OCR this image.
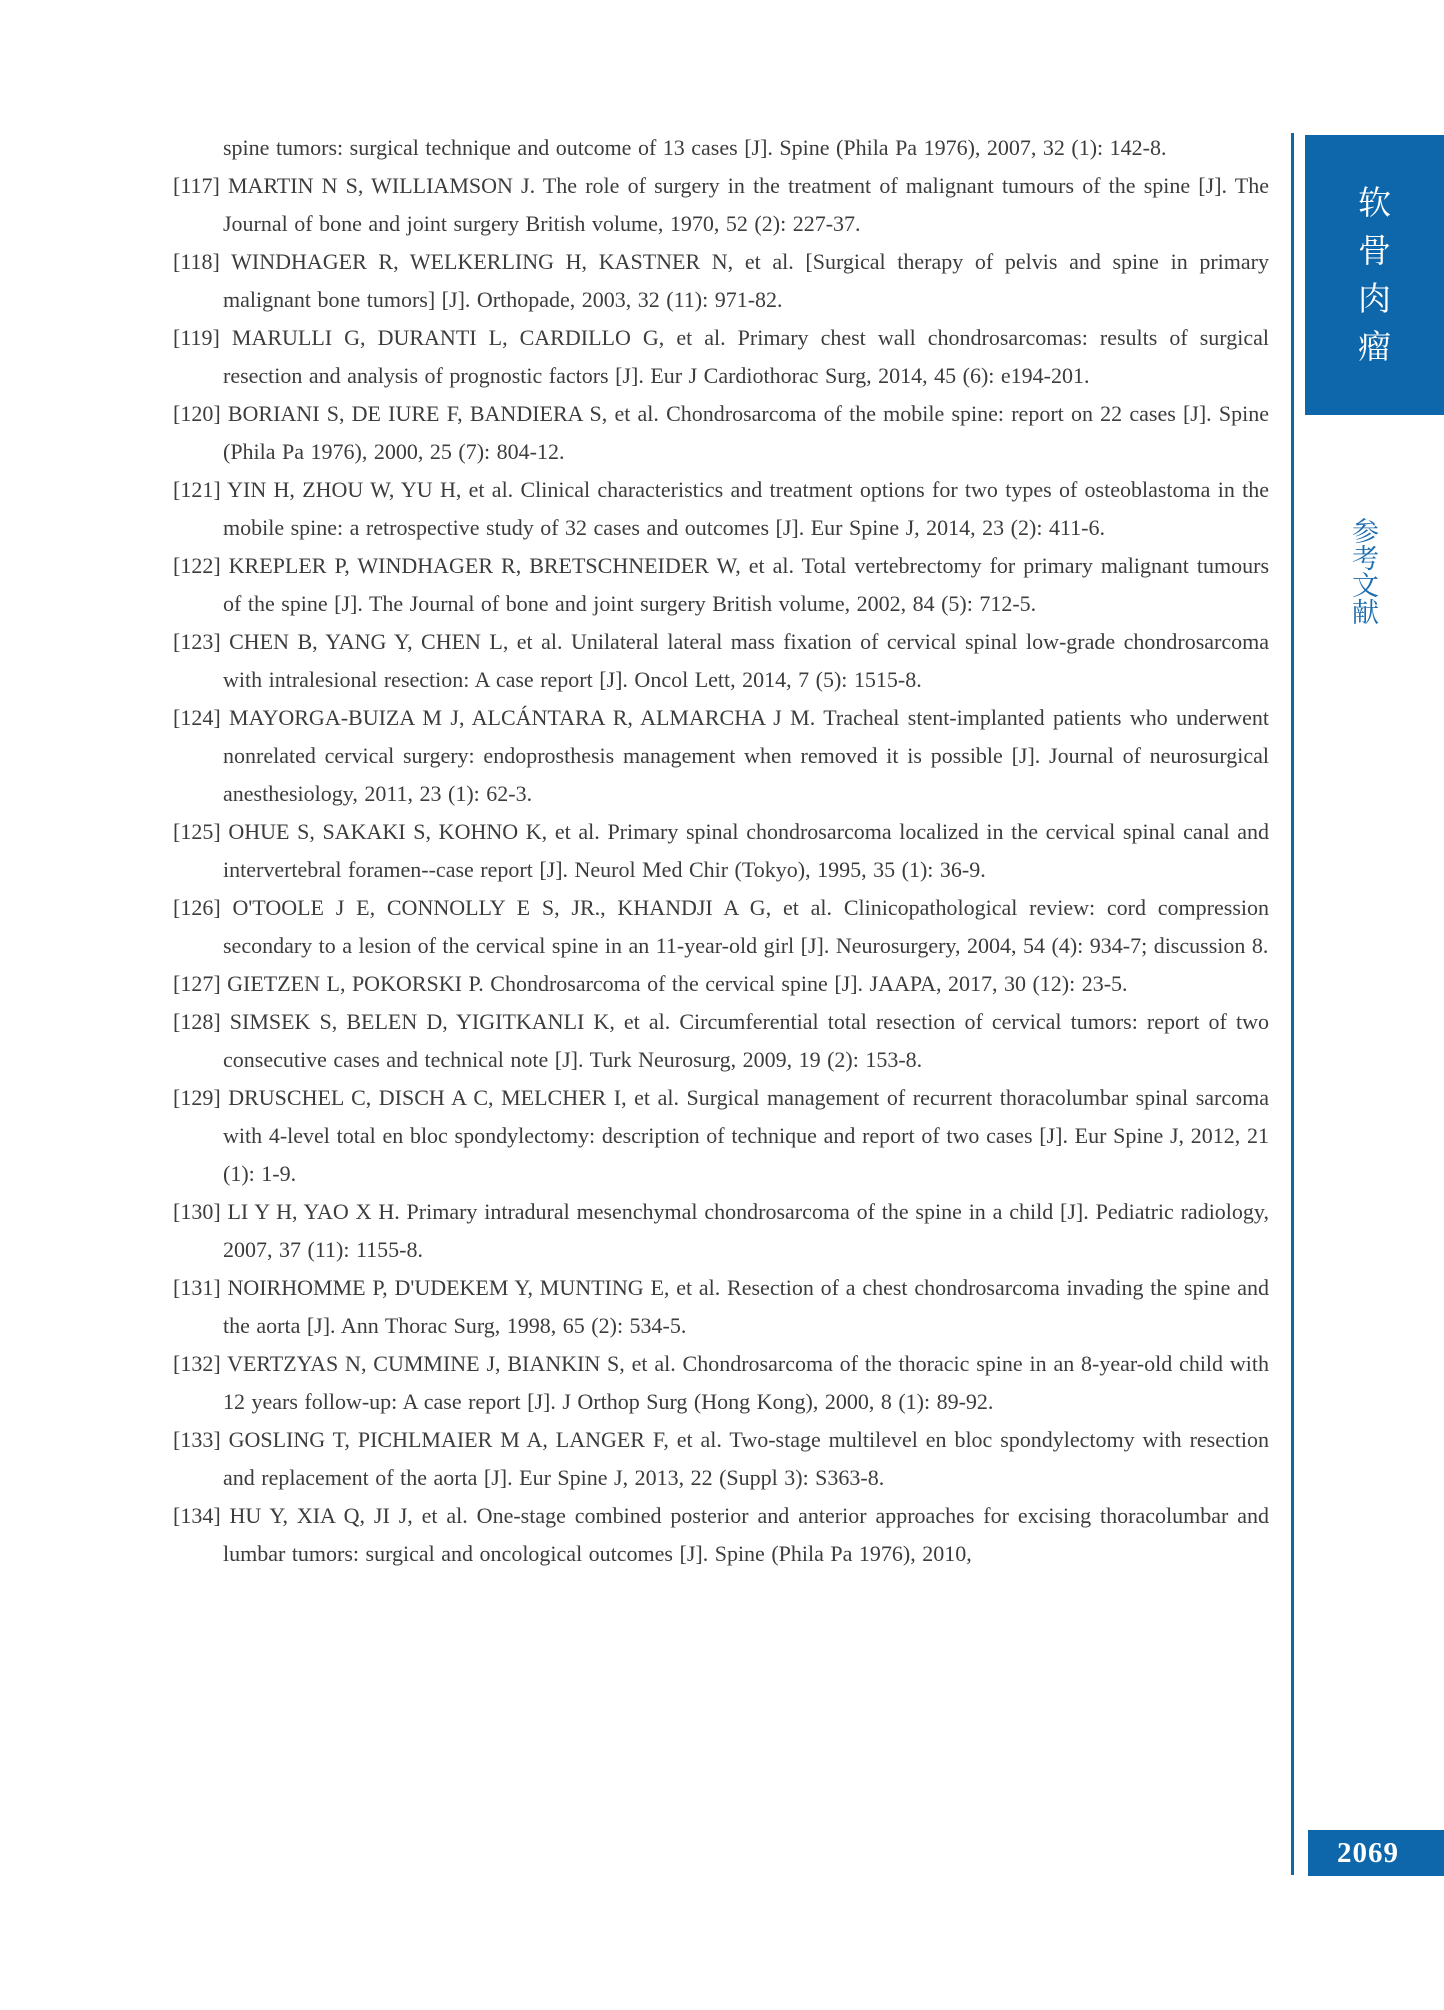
spine tumors: surgical technique and outcome of 13 cases [J]. Spine (Phila Pa 1976), 2007, 32 (1): 142-8.
[117] MARTIN N S, WILLIAMSON J. The role of surgery in the treatment of malignant tumours of the spine [J]. The Journal of bone and joint surgery British volume, 1970, 52 (2): 227-37.
[118] WINDHAGER R, WELKERLING H, KASTNER N, et al. [Surgical therapy of pelvis and spine in primary malignant bone tumors] [J]. Orthopade, 2003, 32 (11): 971-82.
[119] MARULLI G, DURANTI L, CARDILLO G, et al. Primary chest wall chondrosarcomas: results of surgical resection and analysis of prognostic factors [J]. Eur J Cardiothorac Surg, 2014, 45 (6): e194-201.
[120] BORIANI S, DE IURE F, BANDIERA S, et al. Chondrosarcoma of the mobile spine: report on 22 cases [J]. Spine (Phila Pa 1976), 2000, 25 (7): 804-12.
[121] YIN H, ZHOU W, YU H, et al. Clinical characteristics and treatment options for two types of osteoblastoma in the mobile spine: a retrospective study of 32 cases and outcomes [J]. Eur Spine J, 2014, 23 (2): 411-6.
[122] KREPLER P, WINDHAGER R, BRETSCHNEIDER W, et al. Total vertebrectomy for primary malignant tumours of the spine [J]. The Journal of bone and joint surgery British volume, 2002, 84 (5): 712-5.
[123] CHEN B, YANG Y, CHEN L, et al. Unilateral lateral mass fixation of cervical spinal low-grade chondrosarcoma with intralesional resection: A case report [J]. Oncol Lett, 2014, 7 (5): 1515-8.
[124] MAYORGA-BUIZA M J, ALCÁNTARA R, ALMARCHA J M. Tracheal stent-implanted patients who underwent nonrelated cervical surgery: endoprosthesis management when removed it is possible [J]. Journal of neurosurgical anesthesiology, 2011, 23 (1): 62-3.
[125] OHUE S, SAKAKI S, KOHNO K, et al. Primary spinal chondrosarcoma localized in the cervical spinal canal and intervertebral foramen--case report [J]. Neurol Med Chir (Tokyo), 1995, 35 (1): 36-9.
[126] O'TOOLE J E, CONNOLLY E S, JR., KHANDJI A G, et al. Clinicopathological review: cord compression secondary to a lesion of the cervical spine in an 11-year-old girl [J]. Neurosurgery, 2004, 54 (4): 934-7; discussion 8.
[127] GIETZEN L, POKORSKI P. Chondrosarcoma of the cervical spine [J]. JAAPA, 2017, 30 (12): 23-5.
[128] SIMSEK S, BELEN D, YIGITKANLI K, et al. Circumferential total resection of cervical tumors: report of two consecutive cases and technical note [J]. Turk Neurosurg, 2009, 19 (2): 153-8.
[129] DRUSCHEL C, DISCH A C, MELCHER I, et al. Surgical management of recurrent thoracolumbar spinal sarcoma with 4-level total en bloc spondylectomy: description of technique and report of two cases [J]. Eur Spine J, 2012, 21 (1): 1-9.
[130] LI Y H, YAO X H. Primary intradural mesenchymal chondrosarcoma of the spine in a child [J]. Pediatric radiology, 2007, 37 (11): 1155-8.
[131] NOIRHOMME P, D'UDEKEM Y, MUNTING E, et al. Resection of a chest chondrosarcoma invading the spine and the aorta [J]. Ann Thorac Surg, 1998, 65 (2): 534-5.
[132] VERTZYAS N, CUMMINE J, BIANKIN S, et al. Chondrosarcoma of the thoracic spine in an 8-year-old child with 12 years follow-up: A case report [J]. J Orthop Surg (Hong Kong), 2000, 8 (1): 89-92.
[133] GOSLING T, PICHLMAIER M A, LANGER F, et al. Two-stage multilevel en bloc spondylectomy with resection and replacement of the aorta [J]. Eur Spine J, 2013, 22 (Suppl 3): S363-8.
[134] HU Y, XIA Q, JI J, et al. One-stage combined posterior and anterior approaches for excising thoracolumbar and lumbar tumors: surgical and oncological outcomes [J]. Spine (Phila Pa 1976), 2010,
软骨肉瘤
参考文献
2069
